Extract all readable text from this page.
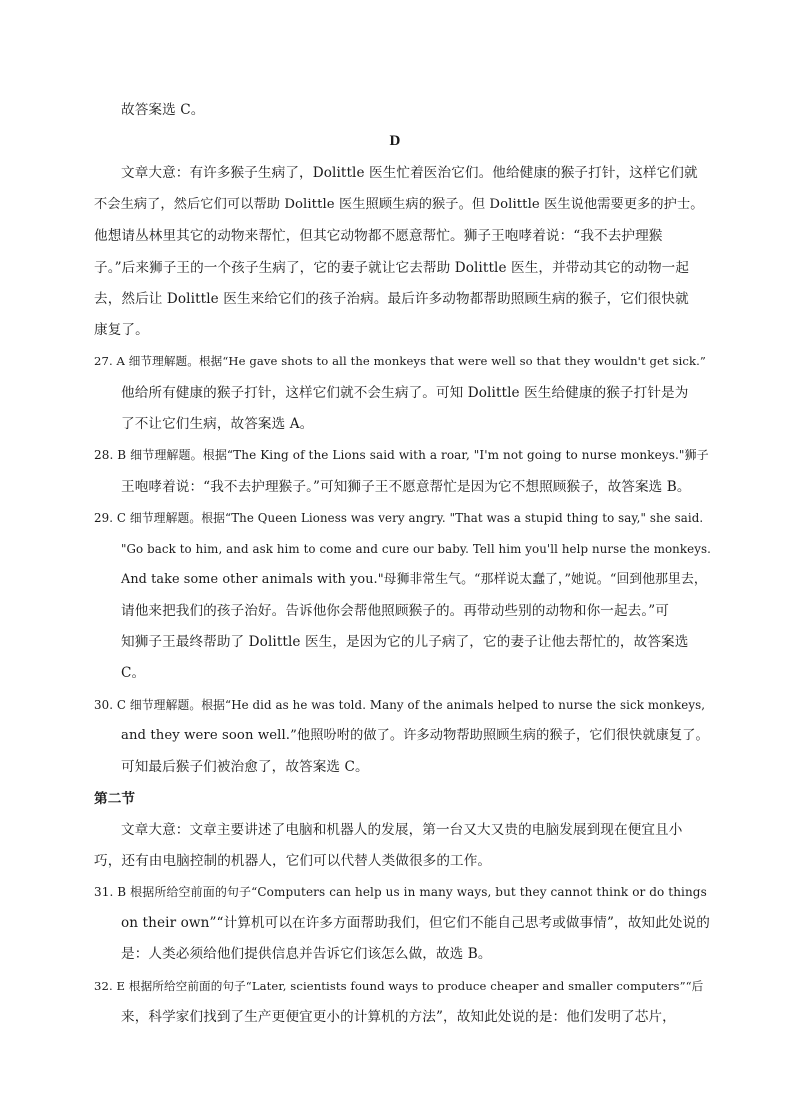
故答案选 C。
D
文章大意：有许多猴子生病了，Dolittle 医生忙着医治它们。他给健康的猴子打针，这样它们就
不会生病了，然后它们可以帮助 Dolittle 医生照顾生病的猴子。但 Dolittle 医生说他需要更多的护士。
他想请丛林里其它的动物来帮忙，但其它动物都不愿意帮忙。狮子王咆哮着说：“我不去护理猴
子。”后来狮子王的一个孩子生病了，它的妻子就让它去帮助 Dolittle 医生，并带动其它的动物一起
去，然后让 Dolittle 医生来给它们的孩子治病。最后许多动物都帮助照顾生病的猴子，它们很快就
康复了。
27. A 细节理解题。根据“He gave shots to all the monkeys that were well so that they wouldn't get sick.”
他给所有健康的猴子打针，这样它们就不会生病了。可知 Dolittle 医生给健康的猴子打针是为
了不让它们生病，故答案选 A。
28. B 细节理解题。根据“The King of the Lions said with a roar, "I'm not going to nurse monkeys."狮子
王咆哮着说：“我不去护理猴子。”可知狮子王不愿意帮忙是因为它不想照顾猴子，故答案选 B。
29. C 细节理解题。根据“The Queen Lioness was very angry. "That was a stupid thing to say," she said.
"Go back to him, and ask him to come and cure our baby. Tell him you'll help nurse the monkeys.
And take some other animals with you."母狮非常生气。“那样说太蠢了，”她说。“回到他那里去，
请他来把我们的孩子治好。告诉他你会帮他照顾猴子的。再带动些别的动物和你一起去。”可
知狮子王最终帮助了 Dolittle 医生，是因为它的儿子病了，它的妻子让他去帮忙的，故答案选
C。
30. C 细节理解题。根据“He did as he was told. Many of the animals helped to nurse the sick monkeys,
and they were soon well.”他照吩咐的做了。许多动物帮助照顾生病的猴子，它们很快就康复了。
可知最后猴子们被治愈了，故答案选 C。
第二节
文章大意：文章主要讲述了电脑和机器人的发展，第一台又大又贵的电脑发展到现在便宜且小
巧，还有由电脑控制的机器人，它们可以代替人类做很多的工作。
31. B 根据所给空前面的句子“Computers can help us in many ways, but they cannot think or do things
on their own”“计算机可以在许多方面帮助我们，但它们不能自己思考或做事情”，故知此处说的
是：人类必须给他们提供信息并告诉它们该怎么做，故选 B。
32. E 根据所给空前面的句子“Later, scientists found ways to produce cheaper and smaller computers”“后
来，科学家们找到了生产更便宜更小的计算机的方法”，故知此处说的是：他们发明了芯片，
